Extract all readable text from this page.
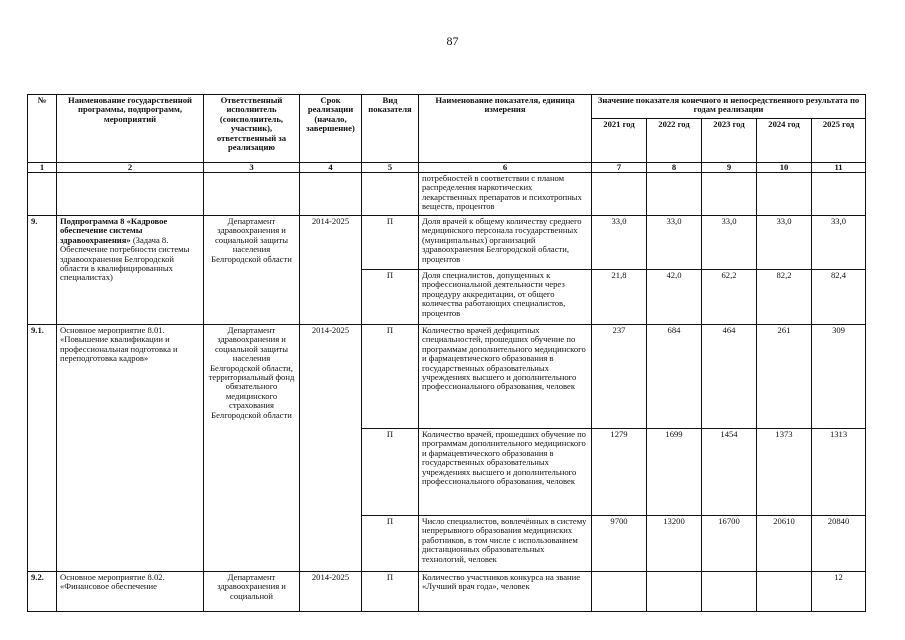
87
№	Наименование государственной программы, подпрограмм, мероприятий	Ответственный исполнитель (соисполнитель, участник), ответственный за реализацию	Срок реализации (начало, завершение)	Вид показателя	Наименование показателя, единица измерения	Значение показателя конечного и непосредственного результата по годам реализации				
						2021 год	2022 год	2023 год	2024 год	2025 год
1	2	3	4	5	6	7	8	9	10	11
					потребностей в соответствии с планом распределения наркотических лекарственных препаратов и психотропных веществ, процентов					
9.	Подпрограмма 8 «Кадровое обеспечение системы здравоохранения» (Задача 8. Обеспечение потребности системы здравоохранения Белгородской области в квалифицированных специалистах)	Департамент здравоохранения и социальной защиты населения Белгородской области	2014-2025	П	Доля врачей к общему количеству среднего медицинского персонала государственных (муниципальных) организаций здравоохранения Белгородской области, процентов	33,0	33,0	33,0	33,0	33,0
				П	Доля специалистов, допущенных к профессиональной деятельности через процедуру аккредитации, от общего количества работающих специалистов, процентов	21,8	42,0	62,2	82,2	82,4
9.1.	Основное мероприятие 8.01. «Повышение квалификации и профессиональная подготовка и переподготовка кадров»	Департамент здравоохранения и социальной защиты населения Белгородской области, территориальный фонд обязательного медицинского страхования Белгородской области	2014-2025	П	Количество врачей дефицитных специальностей, прошедших обучение по программам дополнительного медицинского и фармацевтического образования в государственных образовательных учреждениях высшего и дополнительного профессионального образования, человек	237	684	464	261	309
				П	Количество врачей, прошедших обучение по программам дополнительного медицинского и фармацевтического образования в государственных образовательных учреждениях высшего и дополнительного профессионального образования, человек	1279	1699	1454	1373	1313
				П	Число специалистов, вовлечённых в систему непрерывного образования медицинских работников, в том числе с использованием дистанционных образовательных технологий, человек	9700	13200	16700	20610	20840
9.2.	Основное мероприятие 8.02. «Финансовое обеспечение	Департамент здравоохранения и социальной	2014-2025	П	Количество участников конкурса на звание «Лучший врач года», человек					12
